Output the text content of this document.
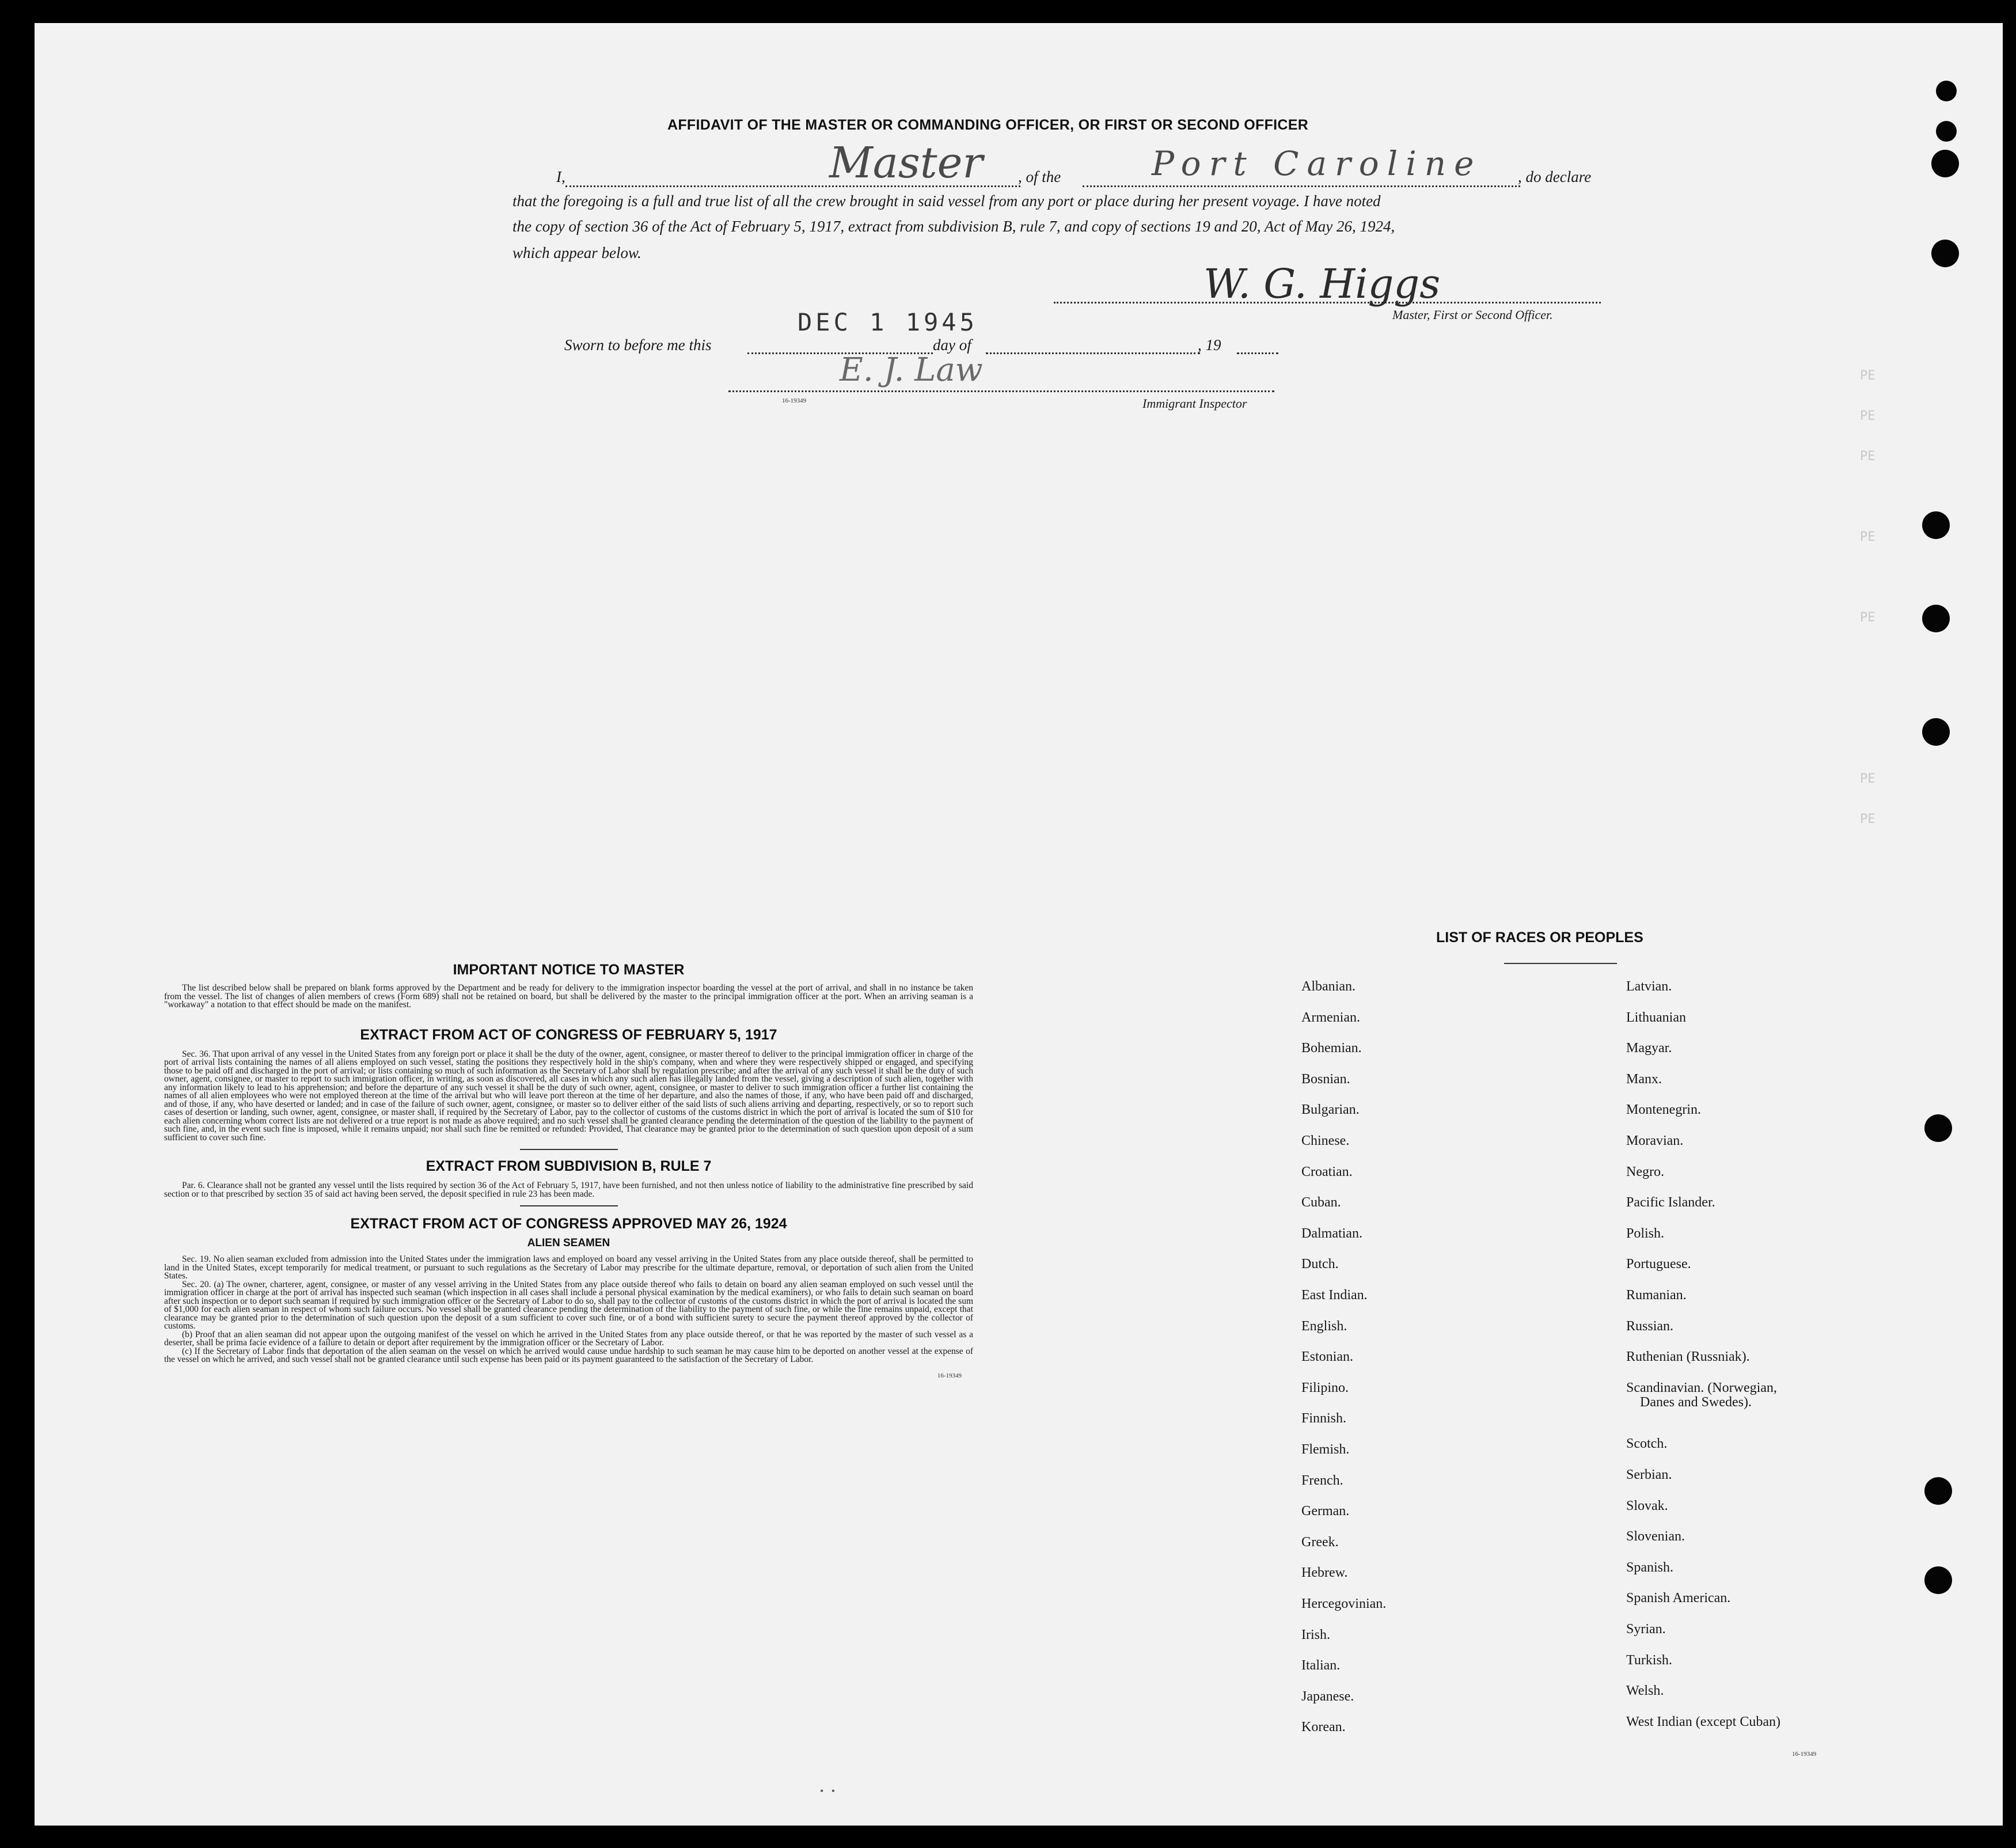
PE
PE
PE
PE
PE
PE
PE
AFFIDAVIT OF THE MASTER OR COMMANDING OFFICER, OR FIRST OR SECOND OFFICER
I,	Master , of the	Port Caroline , do declare
that the foregoing is a full and true list of all the crew brought in said vessel from any port or place during her present voyage. I have noted
the copy of section 36 of the Act of February 5, 1917, extract from subdivision B, rule 7, and copy of sections 19 and 20, Act of May 26, 1924,
which appear below.
W. G. Higgs
Master, First or Second Officer.
DEC 1 1945
Sworn to before me this	day of	, 19
E. J. Law
16-19349	Immigrant Inspector
IMPORTANT NOTICE TO MASTER
The list described below shall be prepared on blank forms approved by the Department and be ready for delivery to the immigration inspector boarding the vessel at the port of arrival, and shall in no instance be taken from the vessel. The list of changes of alien members of crews (Form 689) shall not be retained on board, but shall be delivered by the master to the principal immigration officer at the port. When an arriving seaman is a "workaway" a notation to that effect should be made on the manifest.
EXTRACT FROM ACT OF CONGRESS OF FEBRUARY 5, 1917
Sec. 36. That upon arrival of any vessel in the United States from any foreign port or place it shall be the duty of the owner, agent, consignee, or master thereof to deliver to the principal immigration officer in charge of the port of arrival lists containing the names of all aliens employed on such vessel, stating the positions they respectively hold in the ship's company, when and where they were respectively shipped or engaged, and specifying those to be paid off and discharged in the port of arrival; or lists containing so much of such information as the Secretary of Labor shall by regulation prescribe; and after the arrival of any such vessel it shall be the duty of such owner, agent, consignee, or master to report to such immigration officer, in writing, as soon as discovered, all cases in which any such alien has illegally landed from the vessel, giving a description of such alien, together with any information likely to lead to his apprehension; and before the departure of any such vessel it shall be the duty of such owner, agent, consignee, or master to deliver to such immigration officer a further list containing the names of all alien employees who were not employed thereon at the time of the arrival but who will leave port thereon at the time of her departure, and also the names of those, if any, who have been paid off and discharged, and of those, if any, who have deserted or landed; and in case of the failure of such owner, agent, consignee, or master so to deliver either of the said lists of such aliens arriving and departing, respectively, or so to report such cases of desertion or landing, such owner, agent, consignee, or master shall, if required by the Secretary of Labor, pay to the collector of customs of the customs district in which the port of arrival is located the sum of $10 for each alien concerning whom correct lists are not delivered or a true report is not made as above required; and no such vessel shall be granted clearance pending the determination of the question of the liability to the payment of such fine, and, in the event such fine is imposed, while it remains unpaid; nor shall such fine be remitted or refunded: Provided, That clearance may be granted prior to the determination of such question upon deposit of a sum sufficient to cover such fine.
EXTRACT FROM SUBDIVISION B, RULE 7
Par. 6. Clearance shall not be granted any vessel until the lists required by section 36 of the Act of February 5, 1917, have been furnished, and not then unless notice of liability to the administrative fine prescribed by said section or to that prescribed by section 35 of said act having been served, the deposit specified in rule 23 has been made.
EXTRACT FROM ACT OF CONGRESS APPROVED MAY 26, 1924
ALIEN SEAMEN
Sec. 19. No alien seaman excluded from admission into the United States under the immigration laws and employed on board any vessel arriving in the United States from any place outside thereof, shall be permitted to land in the United States, except temporarily for medical treatment, or pursuant to such regulations as the Secretary of Labor may prescribe for the ultimate departure, removal, or deportation of such alien from the United States.
Sec. 20. (a) The owner, charterer, agent, consignee, or master of any vessel arriving in the United States from any place outside thereof who fails to detain on board any alien seaman employed on such vessel until the immigration officer in charge at the port of arrival has inspected such seaman (which inspection in all cases shall include a personal physical examination by the medical examiners), or who fails to detain such seaman on board after such inspection or to deport such seaman if required by such immigration officer or the Secretary of Labor to do so, shall pay to the collector of customs of the customs district in which the port of arrival is located the sum of $1,000 for each alien seaman in respect of whom such failure occurs. No vessel shall be granted clearance pending the determination of the liability to the payment of such fine, or while the fine remains unpaid, except that clearance may be granted prior to the determination of such question upon the deposit of a sum sufficient to cover such fine, or of a bond with sufficient surety to secure the payment thereof approved by the collector of customs.
(b) Proof that an alien seaman did not appear upon the outgoing manifest of the vessel on which he arrived in the United States from any place outside thereof, or that he was reported by the master of such vessel as a deserter, shall be prima facie evidence of a failure to detain or deport after requirement by the immigration officer or the Secretary of Labor.
(c) If the Secretary of Labor finds that deportation of the alien seaman on the vessel on which he arrived would cause undue hardship to such seaman he may cause him to be deported on another vessel at the expense of the vessel on which he arrived, and such vessel shall not be granted clearance until such expense has been paid or its payment guaranteed to the satisfaction of the Secretary of Labor.
16-19349
LIST OF RACES OR PEOPLES
Albanian.
Armenian.
Bohemian.
Bosnian.
Bulgarian.
Chinese.
Croatian.
Cuban.
Dalmatian.
Dutch.
East Indian.
English.
Estonian.
Filipino.
Finnish.
Flemish.
French.
German.
Greek.
Hebrew.
Hercegovinian.
Irish.
Italian.
Japanese.
Korean.
Latvian.
Lithuanian
Magyar.
Manx.
Montenegrin.
Moravian.
Negro.
Pacific Islander.
Polish.
Portuguese.
Rumanian.
Russian.
Ruthenian (Russniak).
Scandinavian. (Norwegian,
Danes and Swedes).
Scotch.
Serbian.
Slovak.
Slovenian.
Spanish.
Spanish American.
Syrian.
Turkish.
Welsh.
West Indian (except Cuban)
16-19349
•   •
